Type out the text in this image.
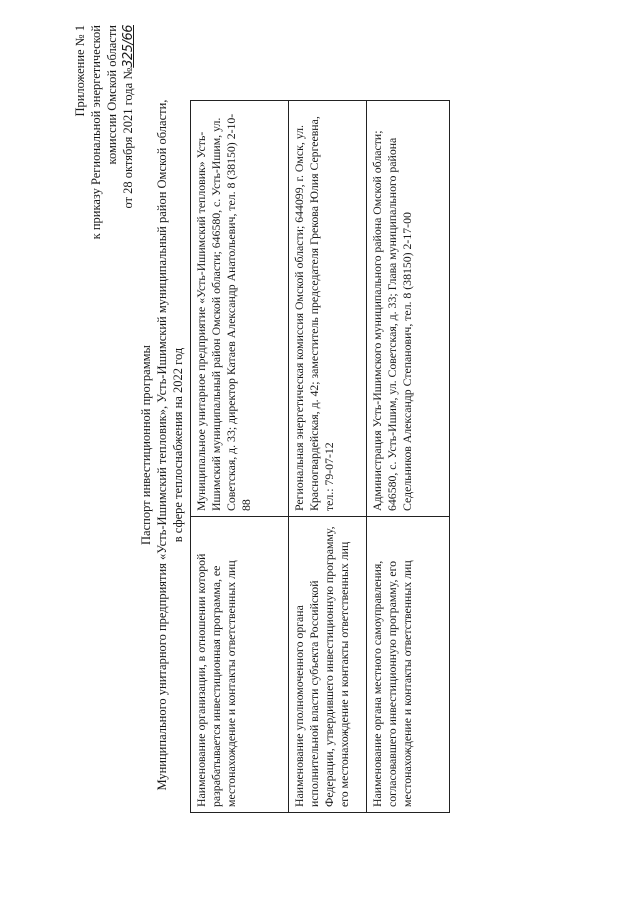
Приложение № 1 к приказу Региональной энергетической комиссии Омской области от 28 октября 2021 года №325/66
Паспорт инвестиционной программы Муниципального унитарного предприятия «Усть-Ишимский тепловик», Усть-Ишимский муниципальный район Омской области, в сфере теплоснабжения на 2022 год
Наименование организации, в отношении которой разрабатывается инвестиционная программа, ее местонахождение и контакты ответственных лиц	Муниципальное унитарное предприятие «Усть-Ишимский тепловик» Усть-Ишимский муниципальный район Омской области; 646580, с. Усть-Ишим, ул. Советская, д. 33; директор Катаев Александр Анатольевич, тел. 8 (38150) 2-10-88
Наименование уполномоченного органа исполнительной власти субъекта Российской Федерации, утвердившего инвестиционную программу, его местонахождение и контакты ответственных лиц	Региональная энергетическая комиссия Омской области; 644099, г. Омск, ул. Красногвардейская, д. 42; заместитель председателя Грекова Юлия Сергеевна, тел.: 79-07-12
Наименование органа местного самоуправления, согласовавшего инвестиционную программу, его местонахождение и контакты ответственных лиц	Администрация Усть-Ишимского муниципального района Омской области; 646580, с. Усть-Ишим, ул. Советская, д. 33; Глава муниципального района Седельников Александр Степанович, тел. 8 (38150) 2-17-00
